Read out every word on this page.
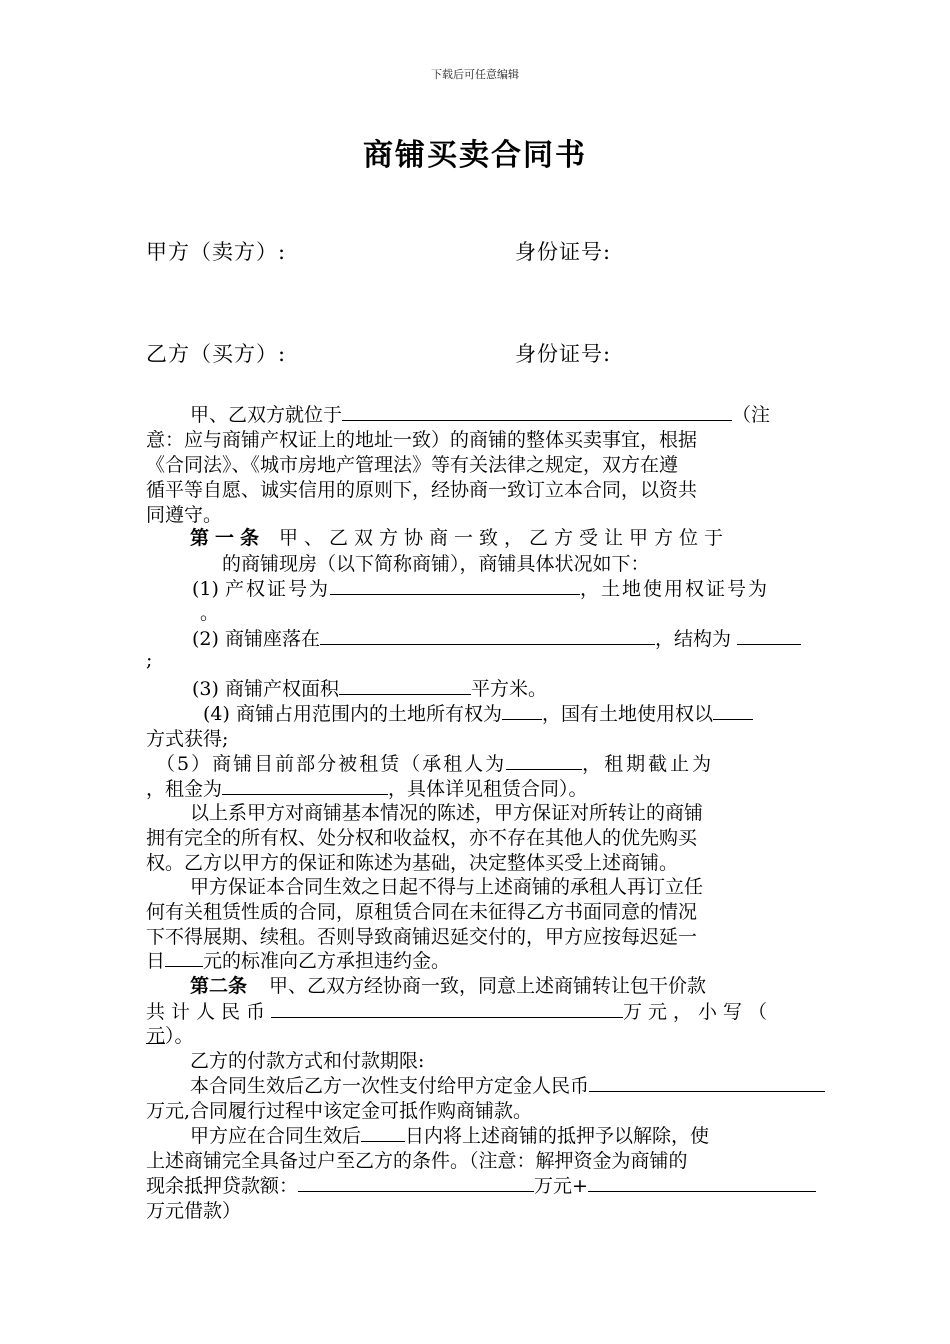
下载后可任意编辑
商铺买卖合同书
甲方（卖方）:	身份证号:
乙方（买方）:	身份证号:
甲、乙双方就位于	（注
意：应与商铺产权证上的地址一致）的商铺的整体买卖事宜，根据
《合同法》、《城市房地产管理法》等有关法律之规定，双方在遵
循平等自愿、诚实信用的原则下，经协商一致订立本合同，以资共
同遵守。
第一条 甲、乙双方协商一致，乙方受让甲方位于
的商铺现房（以下简称商铺），商铺具体状况如下：
(1) 产权证号为	，土地使用权证号为
。
(2) 商铺座落在	，结构为
;
(3) 商铺产权面积	平方米。
(4) 商铺占用范围内的土地所有权为 ，国有土地使用权以
方式获得;
（5）商铺目前部分被租赁（承租人为	，租期截止为
，租金为	，具体详见租赁合同）。
以上系甲方对商铺基本情况的陈述，甲方保证对所转让的商铺
拥有完全的所有权、处分权和收益权，亦不存在其他人的优先购买
权。乙方以甲方的保证和陈述为基础，决定整体买受上述商铺。
甲方保证本合同生效之日起不得与上述商铺的承租人再订立任
何有关租赁性质的合同，原租赁合同在未征得乙方书面同意的情况
下不得展期、续租。否则导致商铺迟延交付的，甲方应按每迟延一
日 元的标准向乙方承担违约金。
第二条 甲、乙双方经协商一致，同意上述商铺转让包干价款
共计人民币	万元，小写（
元）。
乙方的付款方式和付款期限:
本合同生效后乙方一次性支付给甲方定金人民币
万元,合同履行过程中该定金可抵作购商铺款。
甲方应在合同生效后 日内将上述商铺的抵押予以解除，使
上述商铺完全具备过户至乙方的条件。（注意：解押资金为商铺的
现余抵押贷款额：	万元+
万元借款）
